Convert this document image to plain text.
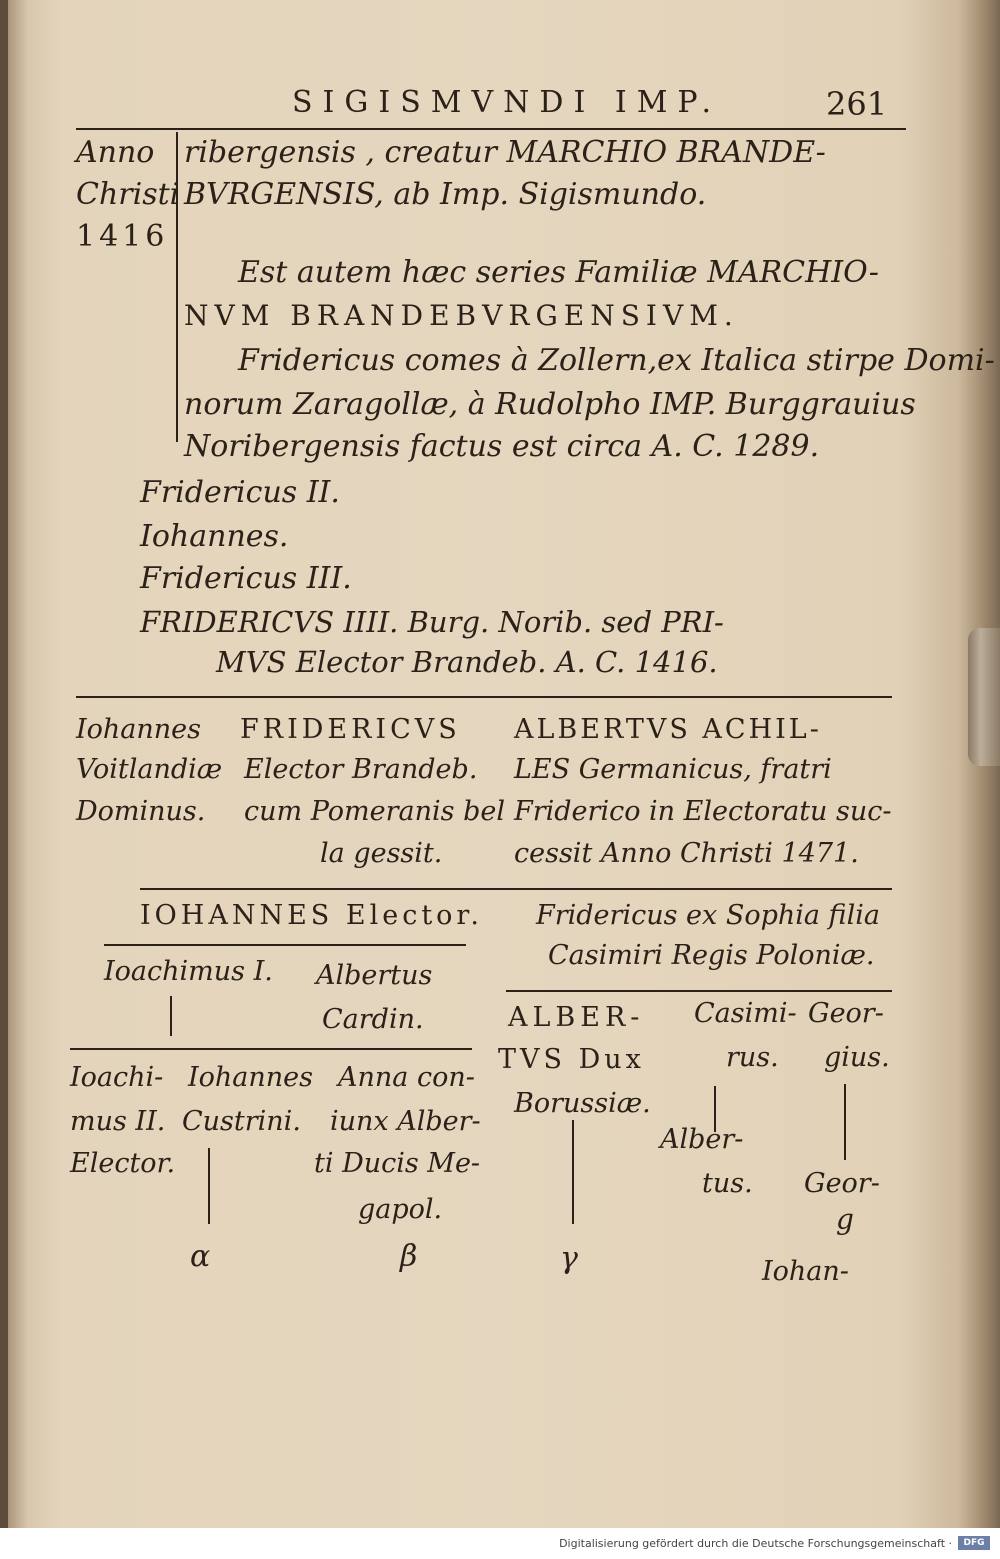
SIGISMVNDI IMP.	261
Anno
Christi
1416
ribergensis , creatur MARCHIO BRANDE-
BVRGENSIS, ab Imp. Sigismundo.
Est autem hæc series Familiæ MARCHIO-
NVM BRANDEBVRGENSIVM.
Fridericus comes à Zollern,ex Italica stirpe Domi-
norum Zaragollæ, à Rudolpho IMP. Burggrauius
Noribergensis factus est circa A. C. 1289.
Fridericus II.
Iohannes.
Fridericus III.
FRIDERICVS IIII. Burg. Norib. sed PRI-
MVS Elector Brandeb. A. C. 1416.
Iohannes
Voitlandiæ
Dominus.
FRIDERICVS
Elector Brandeb.
cum Pomeranis bel
la gessit.
ALBERTVS ACHIL-
LES Germanicus, fratri
Friderico in Electoratu suc-
cessit Anno Christi 1471.
IOHANNES Elector. Fridericus ex Sophia filia
Casimiri Regis Poloniæ.
Ioachimus I. Albertus
Cardin.	ALBER-
TVS Dux
Borussiæ.
Casimi-
rus.
Geor-
gius.
Ioachi-
mus II.
Elector.
Iohannes
Custrini.
Anna con-
iunx Alber-
ti Ducis Me-
gapol.
Alber-
tus. Geor-
g
Iohan-
α	β	γ
Digitalisierung gefördert durch die Deutsche Forschungsgemeinschaft ·	DFG
